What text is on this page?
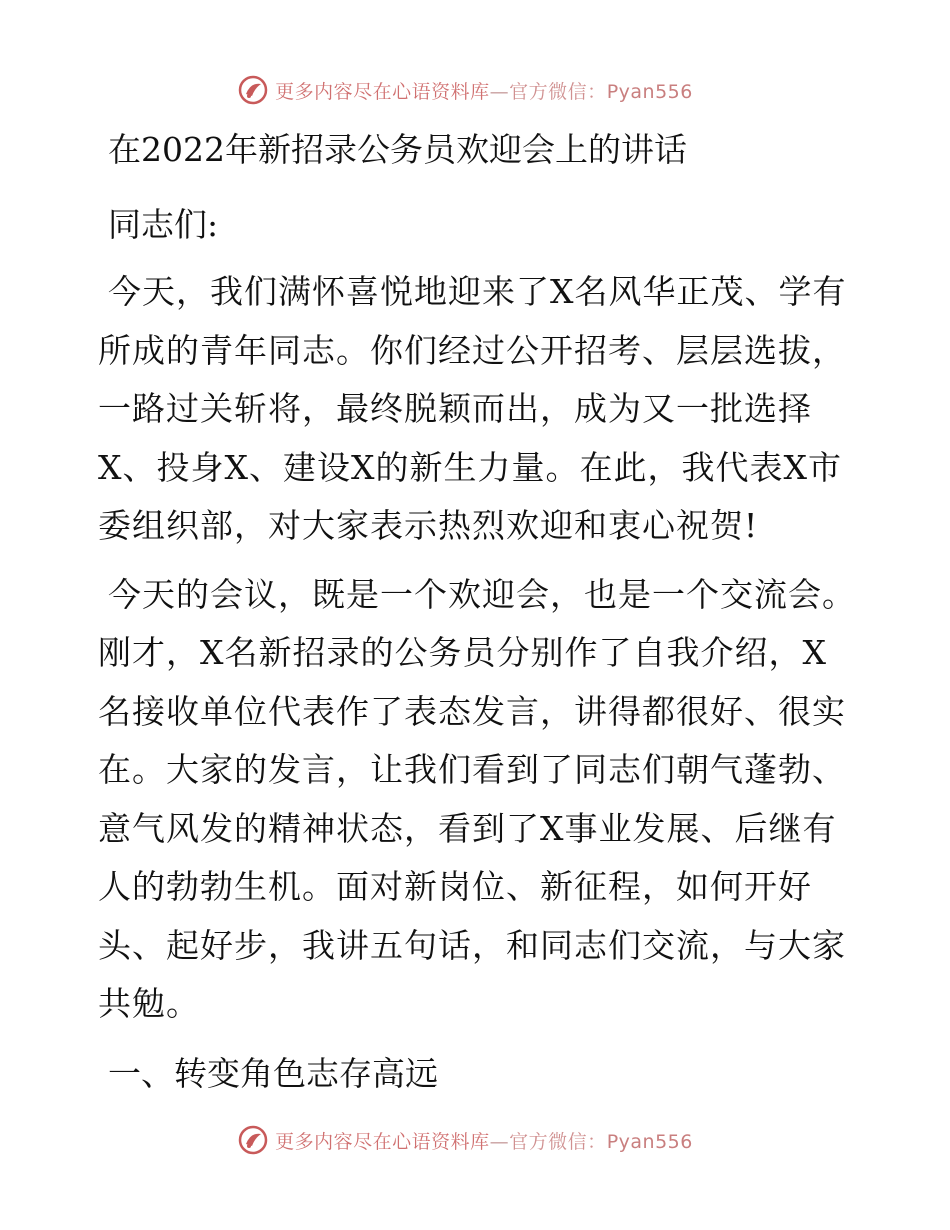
更多内容尽在心语资料库—官方微信：Pyan556
在2022年新招录公务员欢迎会上的讲话
同志们:

今天，我们满怀喜悦地迎来了X名风华正茂、学有所成的青年同志。你们经过公开招考、层层选拔，一路过关斩将，最终脱颖而出，成为又一批选择X、投身X、建设X的新生力量。在此，我代表X市委组织部，对大家表示热烈欢迎和衷心祝贺!

今天的会议，既是一个欢迎会，也是一个交流会。刚才，X名新招录的公务员分别作了自我介绍，X名接收单位代表作了表态发言，讲得都很好、很实在。大家的发言，让我们看到了同志们朝气蓬勃、意气风发的精神状态，看到了X事业发展、后继有人的勃勃生机。面对新岗位、新征程，如何开好头、起好步，我讲五句话，和同志们交流，与大家共勉。

一、转变角色志存高远
更多内容尽在心语资料库—官方微信：Pyan556
